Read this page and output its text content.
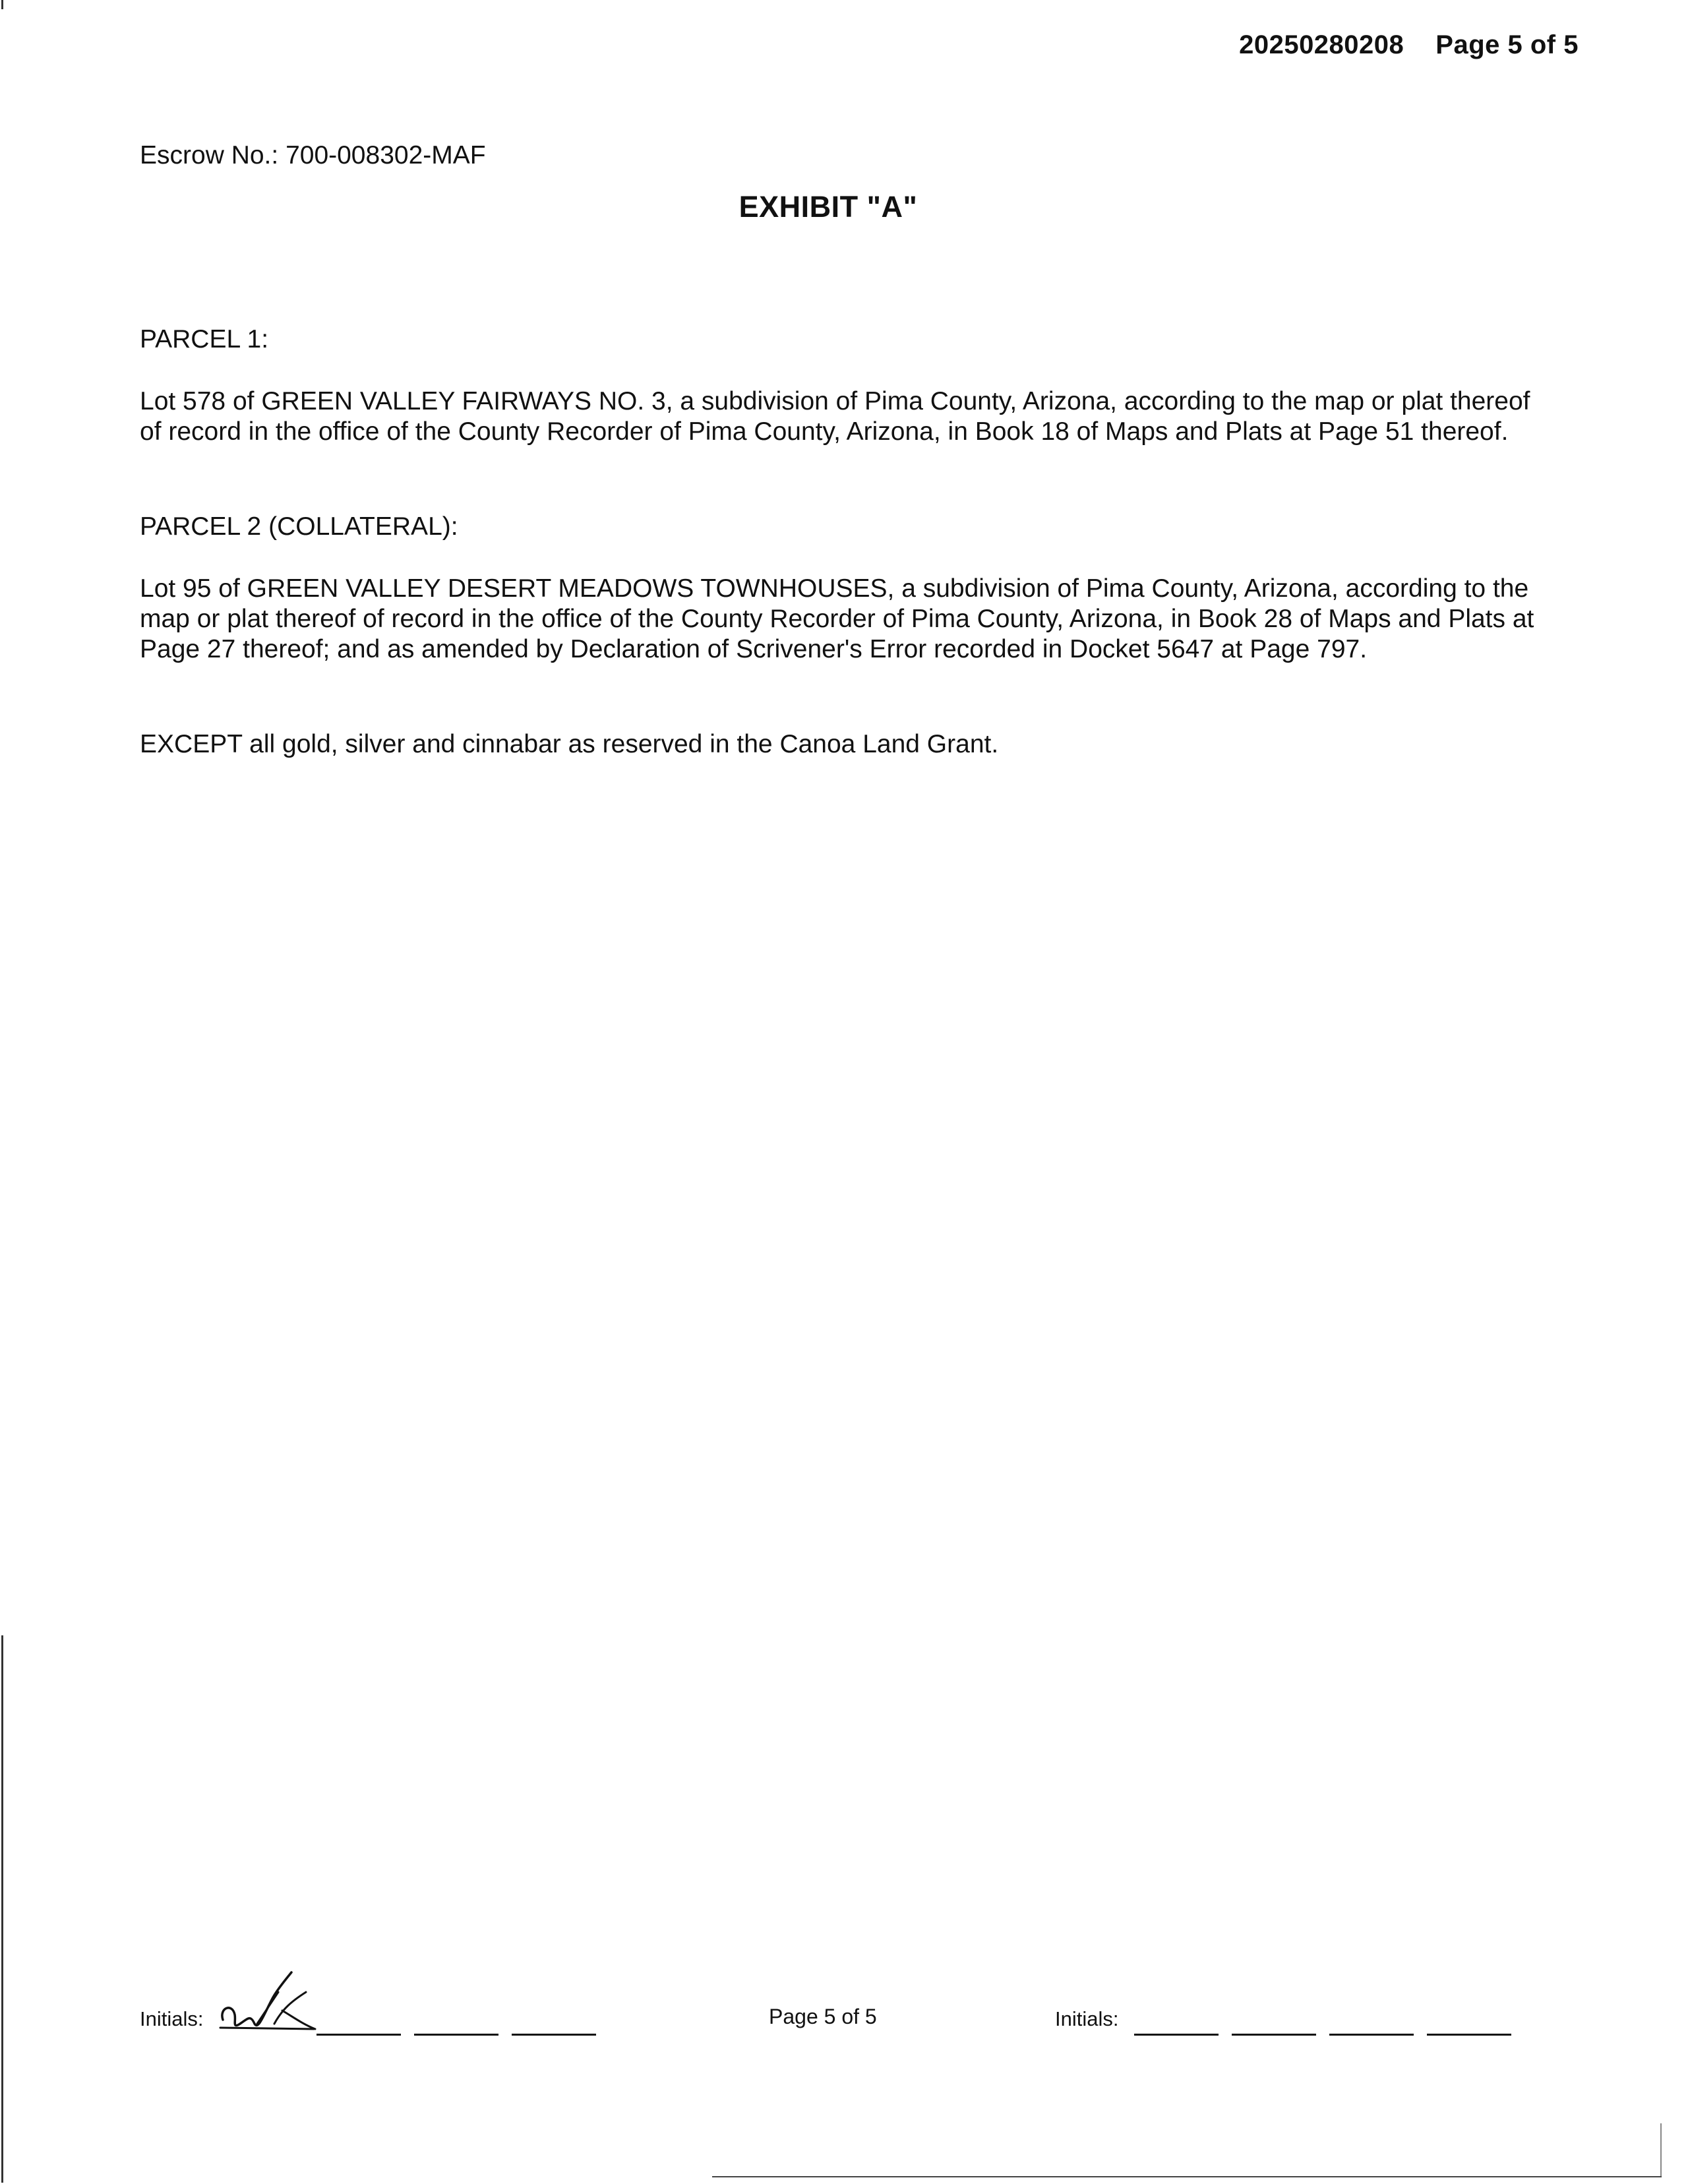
20250280208 Page 5 of 5
Escrow No.: 700-008302-MAF
EXHIBIT "A"

PARCEL 1:

Lot 578 of GREEN VALLEY FAIRWAYS NO. 3, a subdivision of Pima County, Arizona, according to the map or plat thereof of record in the office of the County Recorder of Pima County, Arizona, in Book 18 of Maps and Plats at Page 51 thereof.

PARCEL 2 (COLLATERAL):

Lot 95 of GREEN VALLEY DESERT MEADOWS TOWNHOUSES, a subdivision of Pima County, Arizona, according to the map or plat thereof of record in the office of the County Recorder of Pima County, Arizona, in Book 28 of Maps and Plats at Page 27 thereof; and as amended by Declaration of Scrivener's Error recorded in Docket 5647 at Page 797.

EXCEPT all gold, silver and cinnabar as reserved in the Canoa Land Grant.

Initials:	Page 5 of 5	Initials:
